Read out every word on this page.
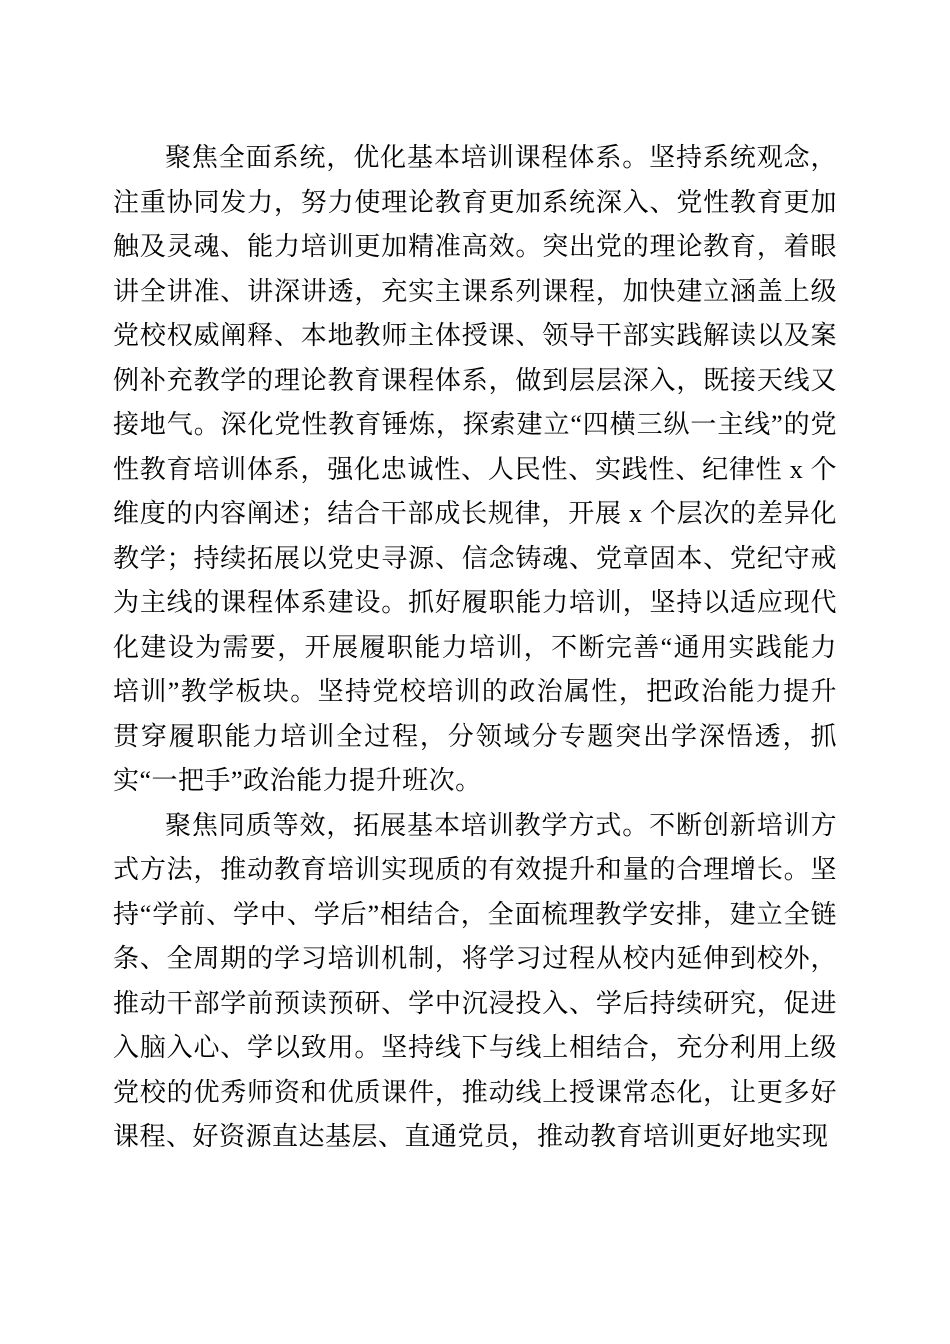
聚焦全面系统，优化基本培训课程体系。坚持系统观念，注重协同发力，努力使理论教育更加系统深入、党性教育更加触及灵魂、能力培训更加精准高效。突出党的理论教育，着眼讲全讲准、讲深讲透，充实主课系列课程，加快建立涵盖上级党校权威阐释、本地教师主体授课、领导干部实践解读以及案例补充教学的理论教育课程体系，做到层层深入，既接天线又接地气。深化党性教育锤炼，探索建立“四横三纵一主线”的党性教育培训体系，强化忠诚性、人民性、实践性、纪律性 x 个维度的内容阐述；结合干部成长规律，开展 x 个层次的差异化教学；持续拓展以党史寻源、信念铸魂、党章固本、党纪守戒为主线的课程体系建设。抓好履职能力培训，坚持以适应现代化建设为需要，开展履职能力培训，不断完善“通用实践能力培训”教学板块。坚持党校培训的政治属性，把政治能力提升贯穿履职能力培训全过程，分领域分专题突出学深悟透，抓实“一把手”政治能力提升班次。

聚焦同质等效，拓展基本培训教学方式。不断创新培训方式方法，推动教育培训实现质的有效提升和量的合理增长。坚持“学前、学中、学后”相结合，全面梳理教学安排，建立全链条、全周期的学习培训机制，将学习过程从校内延伸到校外，推动干部学前预读预研、学中沉浸投入、学后持续研究，促进入脑入心、学以致用。坚持线下与线上相结合，充分利用上级党校的优秀师资和优质课件，推动线上授课常态化，让更多好课程、好资源直达基层、直通党员，推动教育培训更好地实现
